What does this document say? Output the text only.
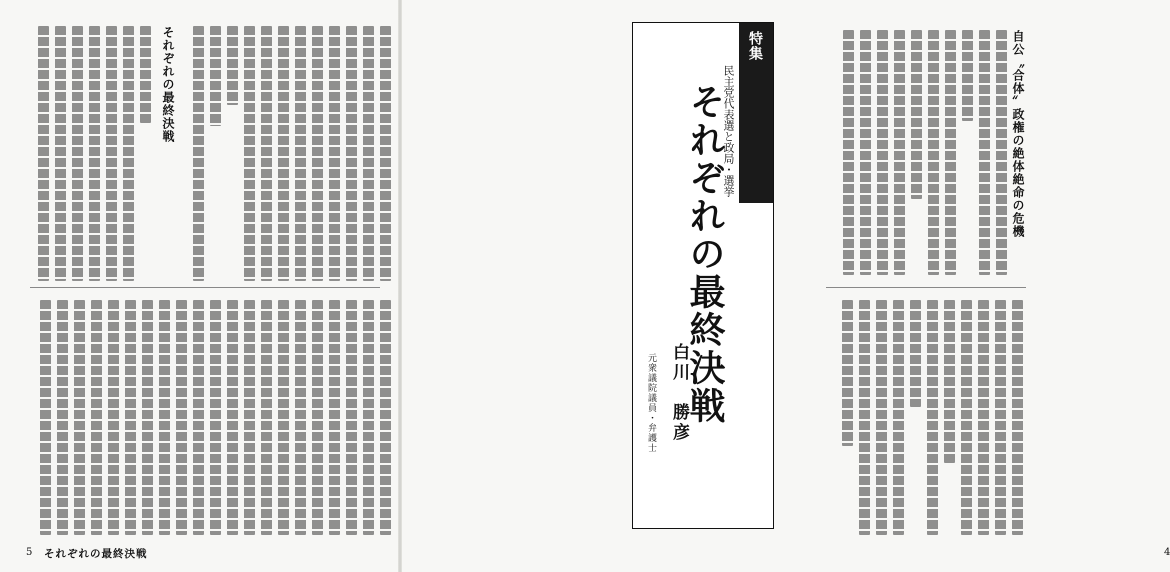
それぞれの最終決戦
5 それぞれの最終決戦
自公〝合体〟政権の絶体絶命の危機
4
特集
民主党代表選と政局・選挙
それぞれの最終決戦
白川　勝彦
元衆議院議員・弁護士
